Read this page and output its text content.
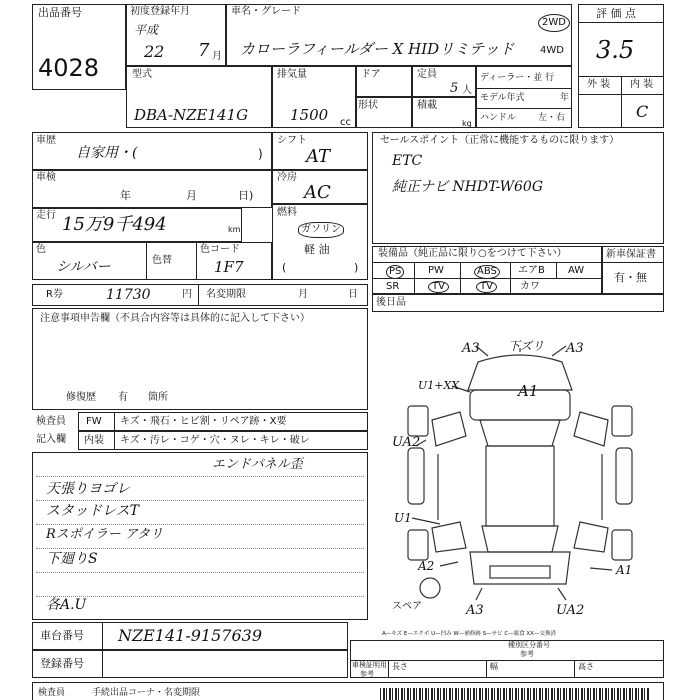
出品番号
4028
初度登録年月
平成
22 7 月
車名・グレード
カローラフィールダー X HIDリミテッド
2WD
4WD
評 価 点
3.5
外 装 内 装
C
型式
DBA-NZE141G
排気量
1500 cc
ドア	定員
5 人
形状	積載
kg
ディーラー・並 行
モデル年式	年
ハンドル 左・右
車歴
自家用・(	)
車検
年	月	日)
走行 15万9千494	km
色
シルバー	色替
色コード
1F7
シフト
AT
冷房
AC
燃料
ガソリン
軽 油
(	)
R券	11730	円 名変期限	月	日
注意事項申告欄（不具合内容等は具体的に記入して下さい）
修復歴 有 箇所
検査員
記入欄
FW キズ・飛石・ヒビ割・リペア跡・X要
内装 キズ・汚レ・コゲ・穴・ヌレ・キレ・破レ
エンドパネル歪
天張りヨゴレ
スタッドレスT
Rスポイラー アタリ
下廻りS
各A.U
セールスポイント（正常に機能するものに限ります）
ETC
純正ナビ NHDT-W60G
装備品（純正品に限り○をつけて下さい）
PS	PW	ABS	エアB AW
SR	TV	TV	カワ
新車保証書
有・無
後日品
A3 下ズリ A3
U1+XX	A1
UA2
U1
A2	A1
A3	UA2
スペア
車台番号 NZE141-9157639
登録番号
A—キズ E—エクボ U—凹み W—補修跡 S—サビ C—腐食 XX—交換済
車検証明用
参考
長さ	幅	高さ
種別区分番号
参考
検査員	手続出品コーナ・名変期限
